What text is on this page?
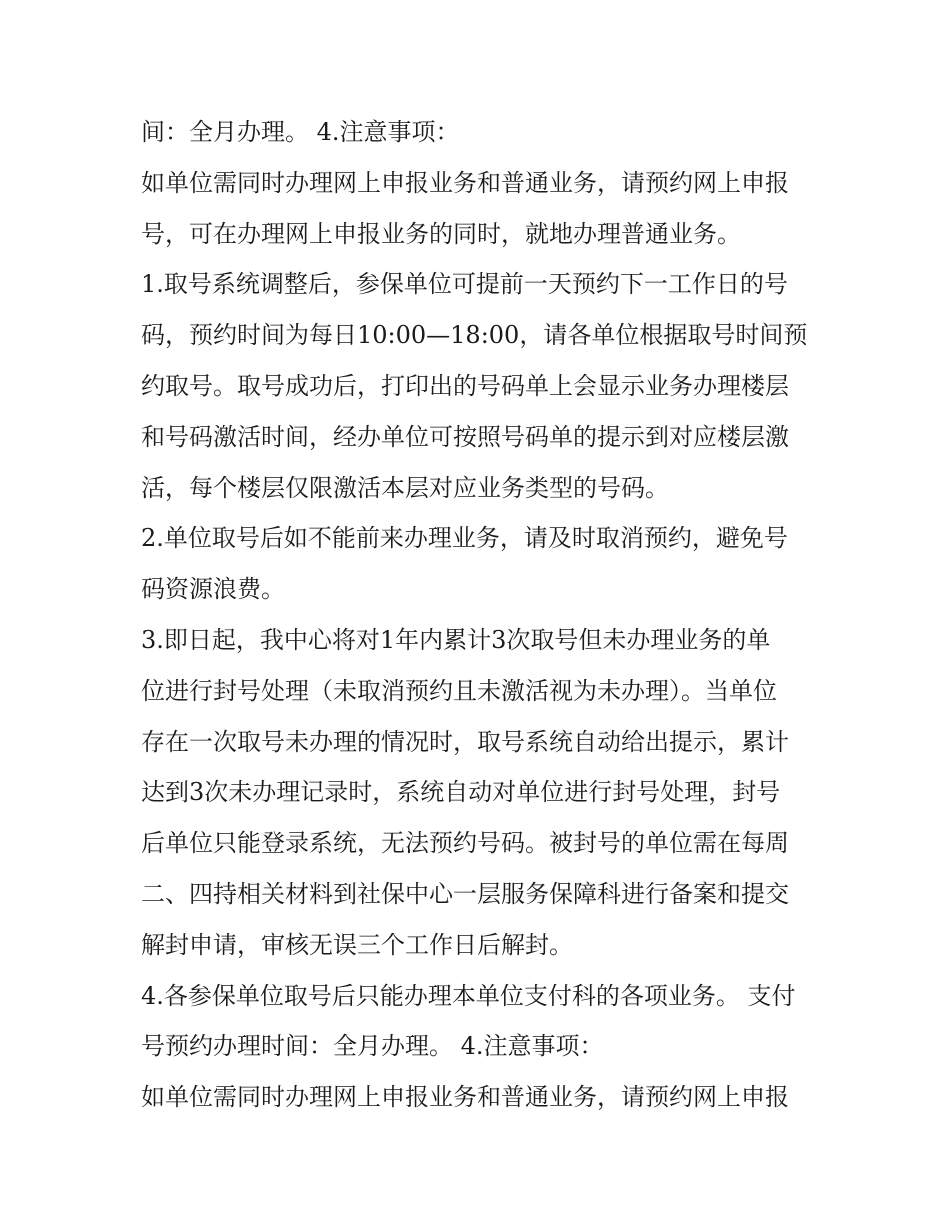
间：全月办理。 4.注意事项：
如单位需同时办理网上申报业务和普通业务，请预约网上申报
号，可在办理网上申报业务的同时，就地办理普通业务。
1.取号系统调整后，参保单位可提前一天预约下一工作日的号
码，预约时间为每日10:00—18:00，请各单位根据取号时间预
约取号。取号成功后，打印出的号码单上会显示业务办理楼层
和号码激活时间，经办单位可按照号码单的提示到对应楼层激
活，每个楼层仅限激活本层对应业务类型的号码。
2.单位取号后如不能前来办理业务，请及时取消预约，避免号
码资源浪费。
3.即日起，我中心将对1年内累计3次取号但未办理业务的单
位进行封号处理（未取消预约且未激活视为未办理）。当单位
存在一次取号未办理的情况时，取号系统自动给出提示，累计
达到3次未办理记录时，系统自动对单位进行封号处理，封号
后单位只能登录系统，无法预约号码。被封号的单位需在每周
二、四持相关材料到社保中心一层服务保障科进行备案和提交
解封申请，审核无误三个工作日后解封。
4.各参保单位取号后只能办理本单位支付科的各项业务。 支付
号预约办理时间：全月办理。 4.注意事项：
如单位需同时办理网上申报业务和普通业务，请预约网上申报
